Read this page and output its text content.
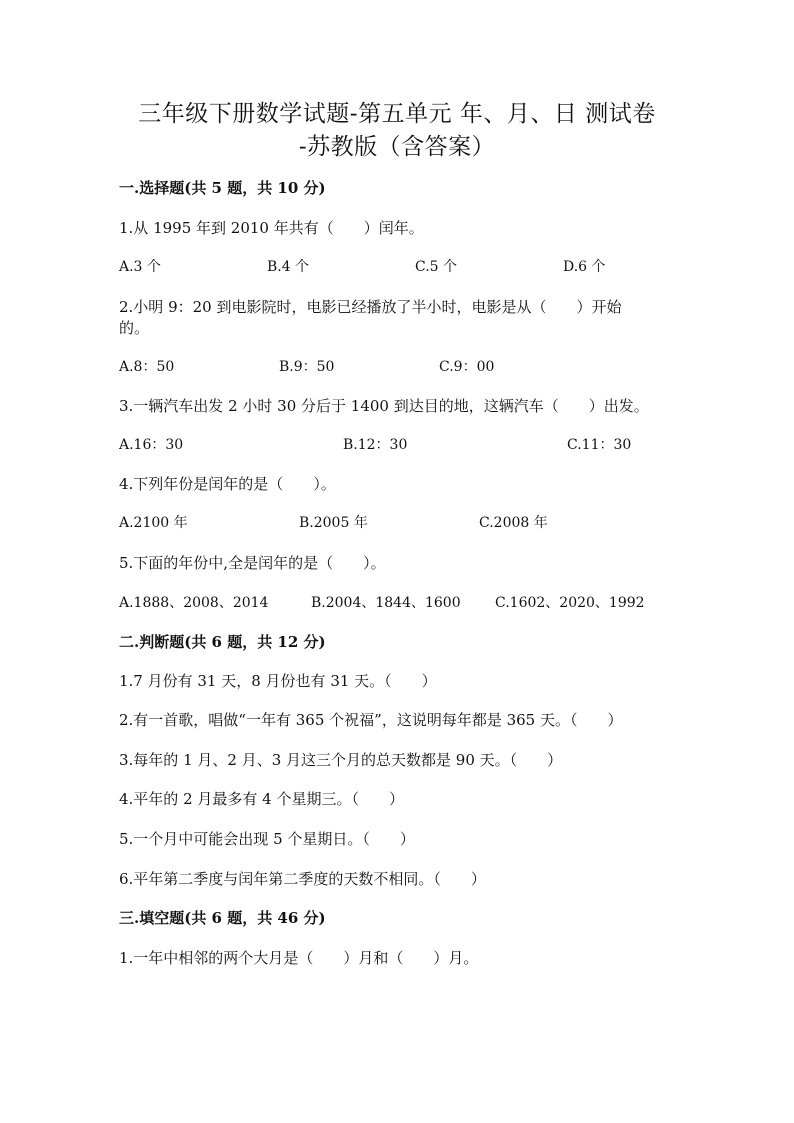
三年级下册数学试题-第五单元 年、月、日 测试卷
-苏教版（含答案）
一.选择题(共 5 题，共 10 分)
1.从 1995 年到 2010 年共有（　　）闰年。
A.3 个	B.4 个	C.5 个	D.6 个
2.小明 9：20 到电影院时，电影已经播放了半小时，电影是从（　　）开始
的。
A.8：50	B.9：50	C.9：00
3.一辆汽车出发 2 小时 30 分后于 1400 到达目的地，这辆汽车（　　）出发。
A.16：30	B.12：30	C.11：30
4.下列年份是闰年的是（　　）。
A.2100 年	B.2005 年	C.2008 年
5.下面的年份中,全是闰年的是（　　）。
A.1888、2008、2014	B.2004、1844、1600 C.1602、2020、1992
二.判断题(共 6 题，共 12 分)
1.7 月份有 31 天，8 月份也有 31 天。（　　）
2.有一首歌，唱做“一年有 365 个祝福”，这说明每年都是 365 天。（　　）
3.每年的 1 月、2 月、3 月这三个月的总天数都是 90 天。（　　）
4.平年的 2 月最多有 4 个星期三。（　　）
5.一个月中可能会出现 5 个星期日。（　　）
6.平年第二季度与闰年第二季度的天数不相同。（　　）
三.填空题(共 6 题，共 46 分)
1.一年中相邻的两个大月是（　　）月和（　　）月。
